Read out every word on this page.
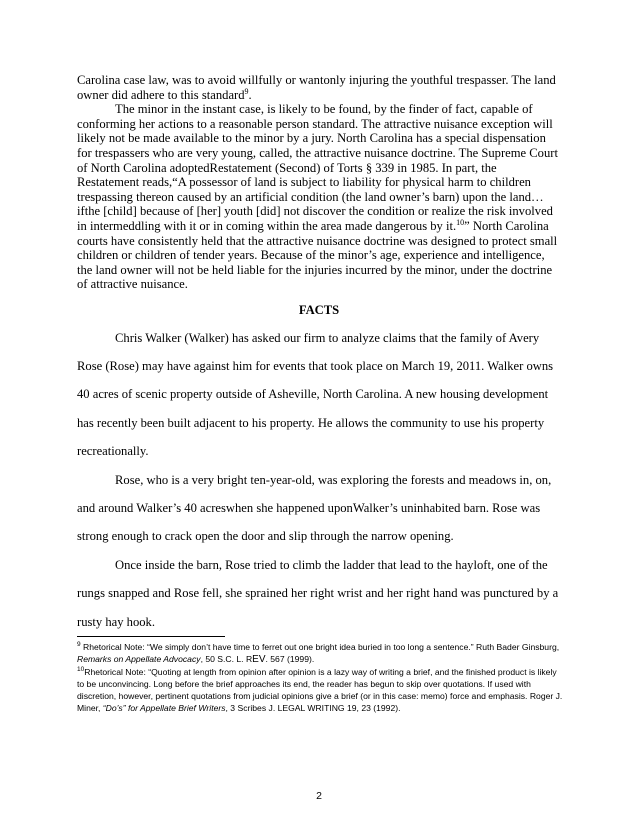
Carolina case law, was to avoid willfully or wantonly injuring the youthful trespasser. The land owner did adhere to this standard$^9$.

The minor in the instant case, is likely to be found, by the finder of fact, capable of conforming her actions to a reasonable person standard. The attractive nuisance exception will likely not be made available to the minor by a jury. North Carolina has a special dispensation for trespassers who are very young, called, the attractive nuisance doctrine. The Supreme Court of North Carolina adoptedRestatement (Second) of Torts § 339 in 1985. In part, the Restatement reads,“A possessor of land is subject to liability for physical harm to children trespassing thereon caused by an artificial condition (the land owner’s barn) upon the land… ifthe [child] because of [her] youth [did] not discover the condition or realize the risk involved in intermeddling with it or in coming within the area made dangerous by it.$^{10}$” North Carolina courts have consistently held that the attractive nuisance doctrine was designed to protect small children or children of tender years. Because of the minor’s age, experience and intelligence, the land owner will not be held liable for the injuries incurred by the minor, under the doctrine of attractive nuisance.

FACTS

Chris Walker (Walker) has asked our firm to analyze claims that the family of Avery Rose (Rose) may have against him for events that took place on March 19, 2011. Walker owns 40 acres of scenic property outside of Asheville, North Carolina. A new housing development has recently been built adjacent to his property. He allows the community to use his property recreationally.

Rose, who is a very bright ten-year-old, was exploring the forests and meadows in, on, and around Walker’s 40 acreswhen she happened uponWalker’s uninhabited barn. Rose was strong enough to crack open the door and slip through the narrow opening.

Once inside the barn, Rose tried to climb the ladder that lead to the hayloft, one of the rungs snapped and Rose fell, she sprained her right wrist and her right hand was punctured by a rusty hay hook.

$^9$ Rhetorical Note: “We simply don’t have time to ferret out one bright idea buried in too long a sentence.” Ruth Bader Ginsburg, Remarks on Appellate Advocacy, 50 S.C. L. REV. 567 (1999).

$^{10}$Rhetorical Note: “Quoting at length from opinion after opinion is a lazy way of writing a brief, and the finished product is likely to be unconvincing. Long before the brief approaches its end, the reader has begun to skip over quotations. If used with discretion, however, pertinent quotations from judicial opinions give a brief (or in this case: memo) force and emphasis. Roger J. Miner, “Do’s” for Appellate Brief Writers, 3 Scribes J. LEGAL WRITING 19, 23 (1992).

2
